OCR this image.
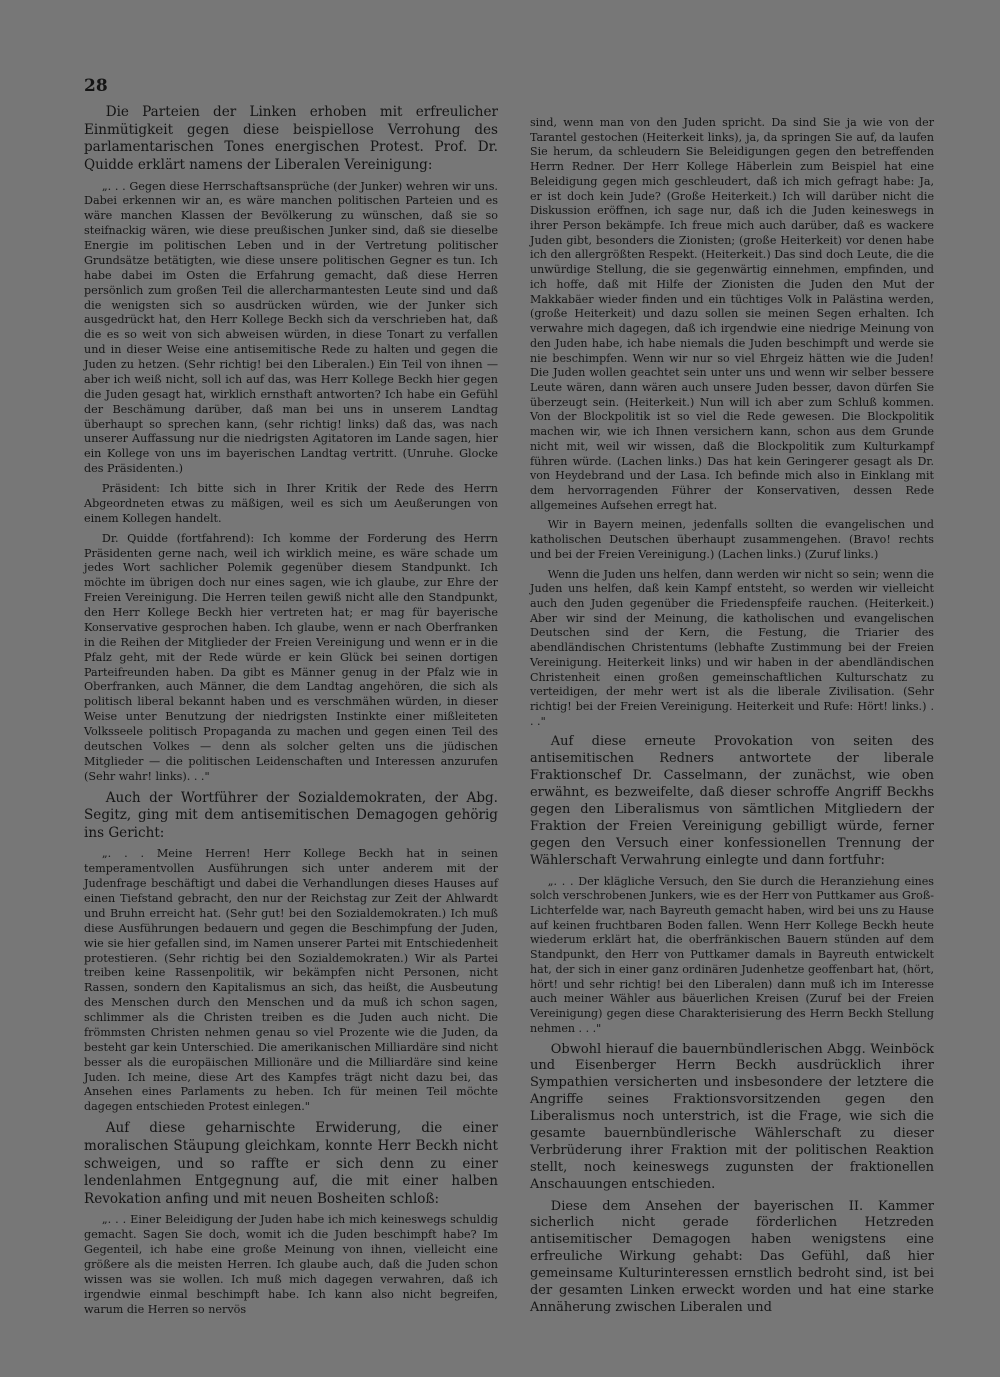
28

Die Parteien der Linken erhoben mit erfreulicher Einmütigkeit gegen diese beispiellose Verrohung des parlamentarischen Tones energischen Protest. Prof. Dr. Quidde erklärt namens der Liberalen Vereinigung:

„. . . Gegen diese Herrschaftsansprüche (der Junker) wehren wir uns. Dabei erkennen wir an, es wäre manchen politischen Parteien und es wäre manchen Klassen der Bevölkerung zu wünschen, daß sie so steifnackig wären, wie diese preußischen Junker sind, daß sie dieselbe Energie im politischen Leben und in der Vertretung politischer Grundsätze betätigten, wie diese unsere politischen Gegner es tun. Ich habe dabei im Osten die Erfahrung gemacht, daß diese Herren persönlich zum großen Teil die allercharmantesten Leute sind und daß die wenigsten sich so ausdrücken würden, wie der Junker sich ausgedrückt hat, den Herr Kollege Beckh sich da verschrieben hat, daß die es so weit von sich abweisen würden, in diese Tonart zu verfallen und in dieser Weise eine antisemitische Rede zu halten und gegen die Juden zu hetzen. (Sehr richtig! bei den Liberalen.) Ein Teil von ihnen — aber ich weiß nicht, soll ich auf das, was Herr Kollege Beckh hier gegen die Juden gesagt hat, wirklich ernsthaft antworten? Ich habe ein Gefühl der Beschämung darüber, daß man bei uns in unserem Landtag überhaupt so sprechen kann, (sehr richtig! links) daß das, was nach unserer Auffassung nur die niedrigsten Agitatoren im Lande sagen, hier ein Kollege von uns im bayerischen Landtag vertritt. (Unruhe. Glocke des Präsidenten.)

Präsident: Ich bitte sich in Ihrer Kritik der Rede des Herrn Abgeordneten etwas zu mäßigen, weil es sich um Aeußerungen von einem Kollegen handelt.

Dr. Quidde (fortfahrend): Ich komme der Forderung des Herrn Präsidenten gerne nach, weil ich wirklich meine, es wäre schade um jedes Wort sachlicher Polemik gegenüber diesem Standpunkt. Ich möchte im übrigen doch nur eines sagen, wie ich glaube, zur Ehre der Freien Vereinigung. Die Herren teilen gewiß nicht alle den Standpunkt, den Herr Kollege Beckh hier vertreten hat; er mag für bayerische Konservative gesprochen haben. Ich glaube, wenn er nach Oberfranken in die Reihen der Mitglieder der Freien Vereinigung und wenn er in die Pfalz geht, mit der Rede würde er kein Glück bei seinen dortigen Parteifreunden haben. Da gibt es Männer genug in der Pfalz wie in Oberfranken, auch Männer, die dem Landtag angehören, die sich als politisch liberal bekannt haben und es verschmähen würden, in dieser Weise unter Benutzung der niedrigsten Instinkte einer mißleiteten Volksseele politisch Propaganda zu machen und gegen einen Teil des deutschen Volkes — denn als solcher gelten uns die jüdischen Mitglieder — die politischen Leidenschaften und Interessen anzurufen (Sehr wahr! links). . ."

Auch der Wortführer der Sozialdemokraten, der Abg. Segitz, ging mit dem antisemitischen Demagogen gehörig ins Gericht:

„. . . Meine Herren! Herr Kollege Beckh hat in seinen temperamentvollen Ausführungen sich unter anderem mit der Judenfrage beschäftigt und dabei die Verhandlungen dieses Hauses auf einen Tiefstand gebracht, den nur der Reichstag zur Zeit der Ahlwardt und Bruhn erreicht hat. (Sehr gut! bei den Sozialdemokraten.) Ich muß diese Ausführungen bedauern und gegen die Beschimpfung der Juden, wie sie hier gefallen sind, im Namen unserer Partei mit Entschiedenheit protestieren. (Sehr richtig bei den Sozialdemokraten.) Wir als Partei treiben keine Rassenpolitik, wir bekämpfen nicht Personen, nicht Rassen, sondern den Kapitalismus an sich, das heißt, die Ausbeutung des Menschen durch den Menschen und da muß ich schon sagen, schlimmer als die Christen treiben es die Juden auch nicht. Die frömmsten Christen nehmen genau so viel Prozente wie die Juden, da besteht gar kein Unterschied. Die amerikanischen Milliardäre sind nicht besser als die europäischen Millionäre und die Milliardäre sind keine Juden. Ich meine, diese Art des Kampfes trägt nicht dazu bei, das Ansehen eines Parlaments zu heben. Ich für meinen Teil möchte dagegen entschieden Protest einlegen."

Auf diese geharnischte Erwiderung, die einer moralischen Stäupung gleichkam, konnte Herr Beckh nicht schweigen, und so raffte er sich denn zu einer lendenlahmen Entgegnung auf, die mit einer halben Revokation anfing und mit neuen Bosheiten schloß:

„. . . Einer Beleidigung der Juden habe ich mich keineswegs schuldig gemacht. Sagen Sie doch, womit ich die Juden beschimpft habe? Im Gegenteil, ich habe eine große Meinung von ihnen, vielleicht eine größere als die meisten Herren. Ich glaube auch, daß die Juden schon wissen was sie wollen. Ich muß mich dagegen verwahren, daß ich irgendwie einmal beschimpft habe. Ich kann also nicht begreifen, warum die Herren so nervös

sind, wenn man von den Juden spricht. Da sind Sie ja wie von der Tarantel gestochen (Heiterkeit links), ja, da springen Sie auf, da laufen Sie herum, da schleudern Sie Beleidigungen gegen den betreffenden Herrn Redner. Der Herr Kollege Häberlein zum Beispiel hat eine Beleidigung gegen mich geschleudert, daß ich mich gefragt habe: Ja, er ist doch kein Jude? (Große Heiterkeit.) Ich will darüber nicht die Diskussion eröffnen, ich sage nur, daß ich die Juden keineswegs in ihrer Person bekämpfe. Ich freue mich auch darüber, daß es wackere Juden gibt, besonders die Zionisten; (große Heiterkeit) vor denen habe ich den allergrößten Respekt. (Heiterkeit.) Das sind doch Leute, die die unwürdige Stellung, die sie gegenwärtig einnehmen, empfinden, und ich hoffe, daß mit Hilfe der Zionisten die Juden den Mut der Makkabäer wieder finden und ein tüchtiges Volk in Palästina werden, (große Heiterkeit) und dazu sollen sie meinen Segen erhalten. Ich verwahre mich dagegen, daß ich irgendwie eine niedrige Meinung von den Juden habe, ich habe niemals die Juden beschimpft und werde sie nie beschimpfen. Wenn wir nur so viel Ehrgeiz hätten wie die Juden! Die Juden wollen geachtet sein unter uns und wenn wir selber bessere Leute wären, dann wären auch unsere Juden besser, davon dürfen Sie überzeugt sein. (Heiterkeit.) Nun will ich aber zum Schluß kommen. Von der Blockpolitik ist so viel die Rede gewesen. Die Blockpolitik machen wir, wie ich Ihnen versichern kann, schon aus dem Grunde nicht mit, weil wir wissen, daß die Blockpolitik zum Kulturkampf führen würde. (Lachen links.) Das hat kein Geringerer gesagt als Dr. von Heydebrand und der Lasa. Ich befinde mich also in Einklang mit dem hervorragenden Führer der Konservativen, dessen Rede allgemeines Aufsehen erregt hat.

Wir in Bayern meinen, jedenfalls sollten die evangelischen und katholischen Deutschen überhaupt zusammengehen. (Bravo! rechts und bei der Freien Vereinigung.) (Lachen links.) (Zuruf links.)

Wenn die Juden uns helfen, dann werden wir nicht so sein; wenn die Juden uns helfen, daß kein Kampf entsteht, so werden wir vielleicht auch den Juden gegenüber die Friedenspfeife rauchen. (Heiterkeit.) Aber wir sind der Meinung, die katholischen und evangelischen Deutschen sind der Kern, die Festung, die Triarier des abendländischen Christentums (lebhafte Zustimmung bei der Freien Vereinigung. Heiterkeit links) und wir haben in der abendländischen Christenheit einen großen gemeinschaftlichen Kulturschatz zu verteidigen, der mehr wert ist als die liberale Zivilisation. (Sehr richtig! bei der Freien Vereinigung. Heiterkeit und Rufe: Hört! links.) . . ."

Auf diese erneute Provokation von seiten des antisemitischen Redners antwortete der liberale Fraktionschef Dr. Casselmann, der zunächst, wie oben erwähnt, es bezweifelte, daß dieser schroffe Angriff Beckhs gegen den Liberalismus von sämtlichen Mitgliedern der Fraktion der Freien Vereinigung gebilligt würde, ferner gegen den Versuch einer konfessionellen Trennung der Wählerschaft Verwahrung einlegte und dann fortfuhr:

„. . . Der klägliche Versuch, den Sie durch die Heranziehung eines solch verschrobenen Junkers, wie es der Herr von Puttkamer aus Groß-Lichterfelde war, nach Bayreuth gemacht haben, wird bei uns zu Hause auf keinen fruchtbaren Boden fallen. Wenn Herr Kollege Beckh heute wiederum erklärt hat, die oberfränkischen Bauern stünden auf dem Standpunkt, den Herr von Puttkamer damals in Bayreuth entwickelt hat, der sich in einer ganz ordinären Judenhetze geoffenbart hat, (hört, hört! und sehr richtig! bei den Liberalen) dann muß ich im Interesse auch meiner Wähler aus bäuerlichen Kreisen (Zuruf bei der Freien Vereinigung) gegen diese Charakterisierung des Herrn Beckh Stellung nehmen . . ."

Obwohl hierauf die bauernbündlerischen Abgg. Weinböck und Eisenberger Herrn Beckh ausdrücklich ihrer Sympathien versicherten und insbesondere der letztere die Angriffe seines Fraktionsvorsitzenden gegen den Liberalismus noch unterstrich, ist die Frage, wie sich die gesamte bauernbündlerische Wählerschaft zu dieser Verbrüderung ihrer Fraktion mit der politischen Reaktion stellt, noch keineswegs zugunsten der fraktionellen Anschauungen entschieden.

Diese dem Ansehen der bayerischen II. Kammer sicherlich nicht gerade förderlichen Hetzreden antisemitischer Demagogen haben wenigstens eine erfreuliche Wirkung gehabt: Das Gefühl, daß hier gemeinsame Kulturinteressen ernstlich bedroht sind, ist bei der gesamten Linken erweckt worden und hat eine starke Annäherung zwischen Liberalen und
